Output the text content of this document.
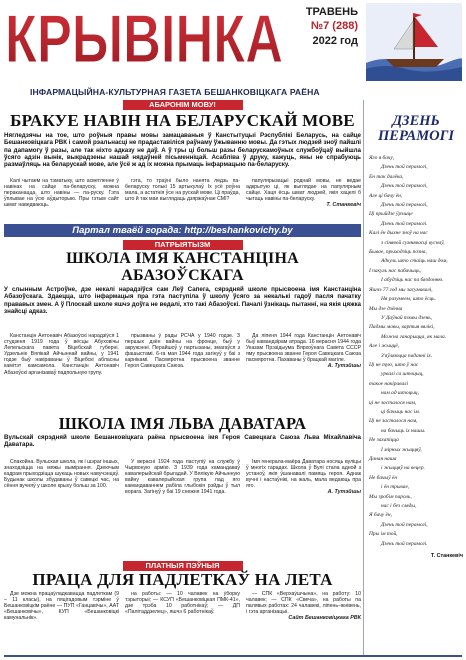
КРЫВІНКА	ТРАВЕНЬ
№7 (288)
2022 год
ІНФАРМАЦЫЙНА-КУЛЬТУРНАЯ ГАЗЕТА БЕШАНКОВІЦКАГА РАЁНА
АБАРОНІМ МОВУ!
БРАКУЕ НАВІН НА БЕЛАРУСКАЙ МОВЕ
Нягледзячы на тое, што роўныя правы мовы замацаваныя ў Канстытуцыі Рэспублікі Беларусь, на сайце Бешанковіцкага РВК і самой рэальнасці не прадаставіліся раўнаму ўжыванню мовы. Да гэтых людзей зноў пайшлі па дапамогу ў разы, але так ніхто адказу не даў. А ў тры ці больш разы беларускамоўных службоўцаў выйшла ўсяго адзін вынік, выкрадзены нашай нядаўней пісьменніцай. Асабліва ў друку, кажуць, яны не спрабуюць размаўляць на беларускай мове, але ўсё ж ад іх можна прымаць інфармацыю па-беларуску.

Калі чытаем на тэматыку, што асветленне ў навінах на сайце па-беларуску, можна пераканацца, што навіны — па-руску. Гэта ўплывае на ўсю аўдыторыю. Пры гэтым сайт шмат наведваюць.

гэта, то траўні было нанята ледзь па-беларуску толькі 15 артыкулаў. Іх усё роўна мала, а астатнія ўсе на рускай мове. Ці праўда, што й так мае выглядаць дзяржаўнае СМІ?

папулярызацыі роднай мовы, не ведае адкрытую ці, як выглядае на папулярным сайце. Хаця ёсць шмат людзей, якія хацелі б чытаць навіны па-беларуску.

Т. Станкевіч
Партал тваёй горада: http://beshankovichy.by
ПАТРЫЯТЫЗМ
ШКОЛА ІМЯ КАНСТАНЦІНА
АБАЗОЎСКАГА
У слынным Астроўне, дзе некалі нарадзіўся сам Леў Сапега, сярэдняй школе прысвоена імя Канстанціна Абазоўскага. Здаецца, што інфармацыя пра гэта паступіла ў школу ўсяго за некалькі гадоў пасля пачатку прававых змен. А ў Плоскай школе яшчэ доўга не ведалі, хто такі Абазоўскі. Пачалі ўзнікаць пытанні, на якія цяжка знайсці адказ.

Канстанцін Антонавіч Абазоўскі нарадзіўся 1 студзеня 1919 года ў вёсцы Абуховічы Лепельскага павета Віцебскай губерні. Удзельнік Вялікай Айчыннай вайны, у 1941 годзе быў накіраваны ў Віцебскі абласны камітэт камсамола. Канстанцін Антонавіч Абазоўскі арганізаваў падпольную групу.

прызваны ў рады РСЧА у 1940 годзе. З першых дзён вайны на фронце, быў у акружэнні. Перайшоў у партызаны, змагаўся з фашыстамі. 6-га мая 1944 года загінуў у баі з карнікамі. Пасмяротна прысвоена званне Героя Савецкага Саюза.

Да ліпеня 1944 года Канстанцін Антонавіч быў камандзірам атрада. 16 верасня 1944 года Указам Прэзідыума Вярхоўнага Савета СССР яму прысвоена званне Героя Савецкага Саюза пасмяротна. Пахаваны ў брацкай магіле.

А. Тутэйшы
ШКОЛА ІМЯ ЛЬВА ДАВАТАРА
Вульскай сярэдняй школе Бешанковіцкага раёна прысвоена імя Героя Савецкага Саюза Льва Міхайлавіча Даватара.

Спакойна. Вульская школа, як і шэраг іншых, знаходзіцца на мяжы вымірання. Дзеючым кадрам прыходзіцца шукаць новых навучэнцаў. Будынак школы збудаваны ў савецкі час, на сёння вучняў у школе крыху больш за 100.

У верасні 1924 года паступіў на службу ў Чырвоную армію. З 1939 года камандаваў кавалерыйскай брыгадай. У Вялікую Айчынную вайну кавалерыйская група пад яго камандаваннем рабіла глыбокія рэйды ў тыл ворага. Загінуў у баі 19 снежня 1941 года.

Імя генерала-маёра Даватара носяць вуліцы ў многіх гарадах. Школа ў Вулі стала адной з устаноў, якія ўшанавалі памяць героя. Аднак вучні і настаўнікі, на жаль, мала ведаюць пра яго.

А. Тутэйшы
ПЛАТНЫЯ ПЭЎНЫЯ
ПРАЦА ДЛЯ ПАДЛЕТКАЎ НА ЛЕТА

Дзе можна працаўладкавацца падлеткам (9 – 11 класы), на пяцігадовым тэрміне ў Бешанковіцкім раёне — ПУП «Ганцавічы», ААТ «Бешанковічы», КУП «Бешанковіцкі камунальнік».

на работы: — 10 чалавек на ўборку тэрыторыі; — КСУП «Бешанковіцкая ПМК-41», дзе трэба 10 работнікаў; — ДП «Палітаддзелец», яшчэ 6 работнікаў.

— СПК «Верхаўшчына», на работу: 10 чалавек; — СПК «Свеча», на работы па палявых работах: 24 чалавекі, ліпень–жнівень, і гэта арганізацыі.

Сайт Бешанковіцкага РВК
ДЗЕНЬ
ПЕРАМОГІ
Яго я бачу,
Дзень той перамогі,
Ен так далёка,
Дзень той перамогі,
Але ці бачу ён,
Дзень той перамогі,
Ці прыйдзе ўрэшце
Дзень той перамогі.
Калі ён дыхне зноў на нас
з сінявой сумнявасці вуснаў,
Бывае, прыходзіць позна,
Адкуль што стаіць наш дом,
І пакуль нас пабачыць,
І абудзіць нас па бяздонню.
Яшчэ 77 год мы засумавалі,
Ня разумеем, што ёсць.
Мы дзе дзённа
У Даўнай тэмы дзень,
Падмы мовы, вартыя вялікі,
Можна ганарыцца, як мала.
Але і жыццё,
З'яўляюцца паданні іх.
Ці не тую, што ў нас
урвалі са штоцыц,
такое накіравалі
нам ад штоцыц,
ці не засталося нам,
ці бачыць нас ім.
Ці не засталося нам,
на бачыць іх нашы.
Не захапіцца
І мірных жыццяў,
Даная наша
і жыццяў на вецер.
Не бачыў ён
і ён трывае,
Мы зробім пароль,
нас і без сляды,
Я бачу ён,
Дзень той перамогі,
Пры ім той,
Дзень той перамогі.
Т. Станкевіч
